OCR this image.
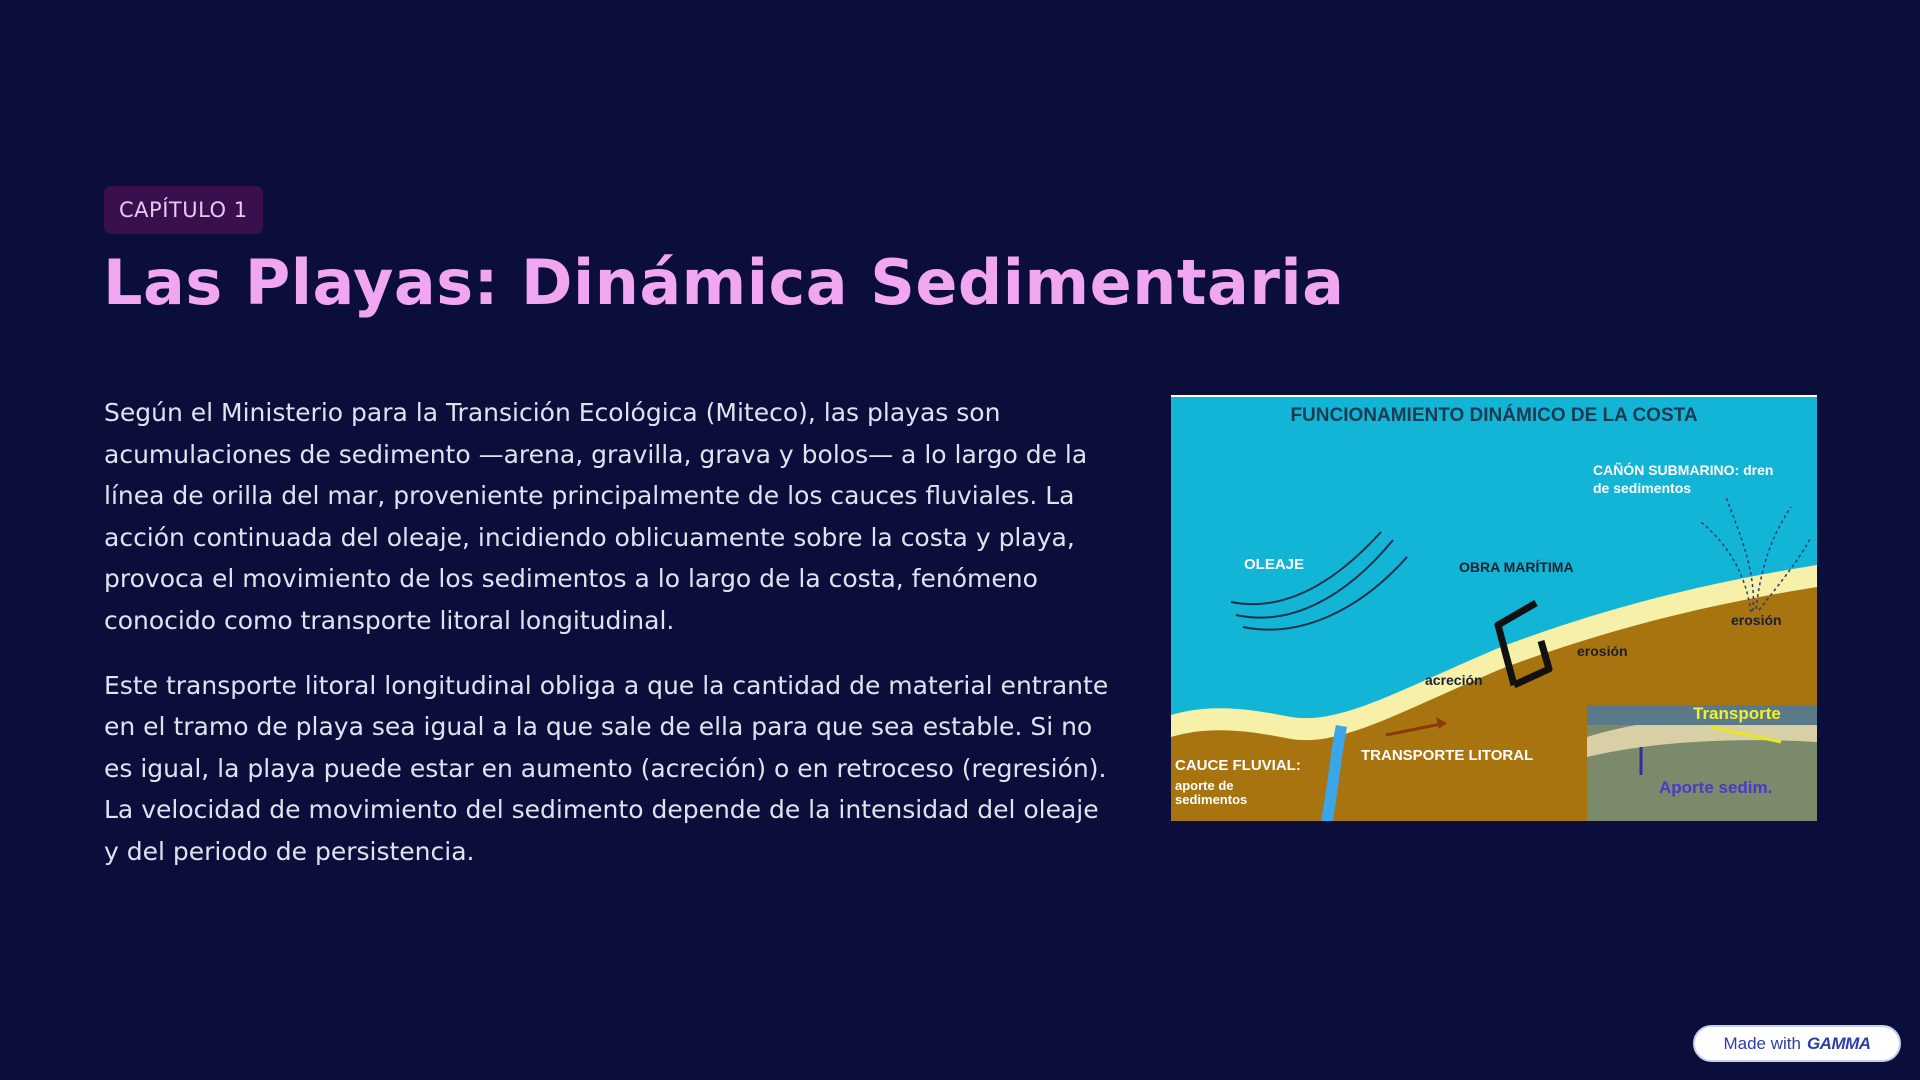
CAPÍTULO 1
Las Playas: Dinámica Sedimentaria

Según el Ministerio para la Transición Ecológica (Miteco), las playas son acumulaciones de sedimento —arena, gravilla, grava y bolos— a lo largo de la línea de orilla del mar, proveniente principalmente de los cauces fluviales. La acción continuada del oleaje, incidiendo oblicuamente sobre la costa y playa, provoca el movimiento de los sedimentos a lo largo de la costa, fenómeno conocido como transporte litoral longitudinal.

Este transporte litoral longitudinal obliga a que la cantidad de material entrante en el tramo de playa sea igual a la que sale de ella para que sea estable. Si no es igual, la playa puede estar en aumento (acreción) o en retroceso (regresión). La velocidad de movimiento del sedimento depende de la intensidad del oleaje y del periodo de persistencia.

FUNCIONAMIENTO DINÁMICO DE LA COSTA
CAÑÓN SUBMARINO: dren
de sedimentos
OLEAJE	OBRA MARÍTIMA
erosión
erosión
acreción
TRANSPORTE LITORAL
CAUCE FLUVIAL:
aporte de
sedimentos
Transporte
Aporte sedim.
Made with GAMMA
